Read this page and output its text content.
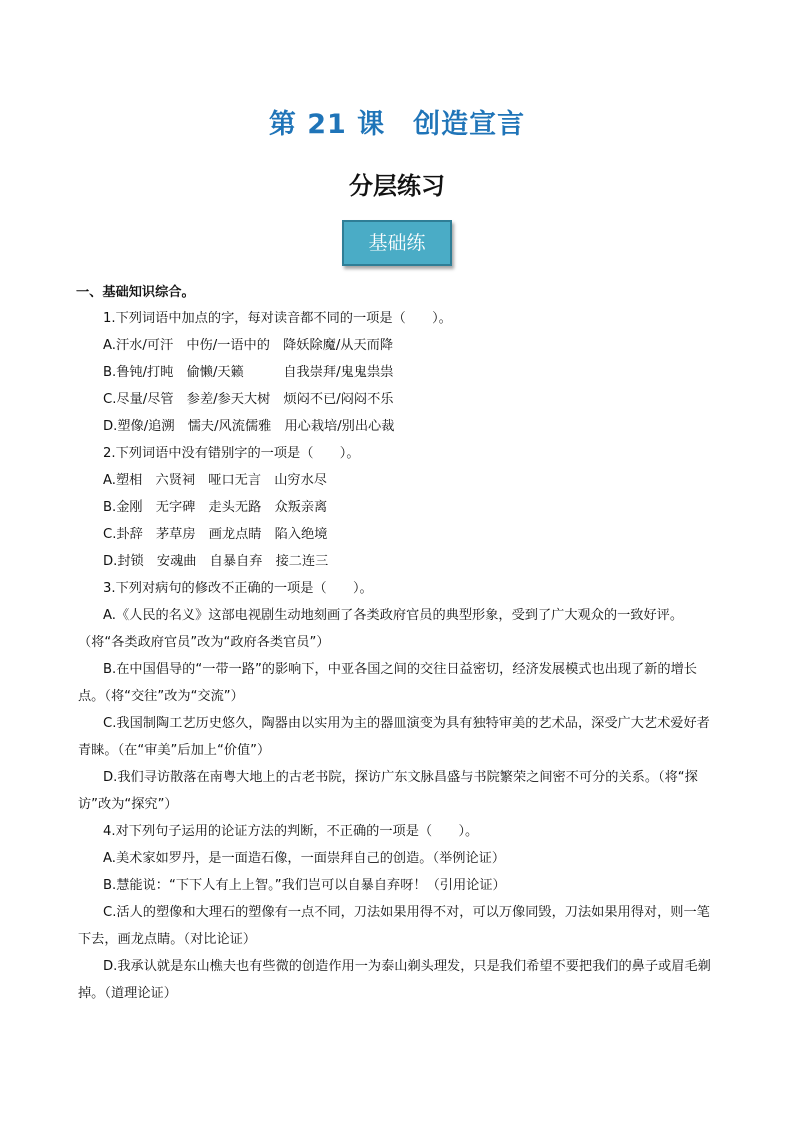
第 21 课　创造宣言
分层练习
基础练
一、基础知识综合。
1.下列词语中加点的字，每对读音都不同的一项是（　　）。
A.汗水/可汗　中伤/一语中的　降妖除魔/从天而降
B.鲁钝/打盹　偷懒/天籁　　　自我崇拜/鬼鬼祟祟
C.尽量/尽管　参差/参天大树　烦闷不已/闷闷不乐
D.塑像/追溯　懦夫/风流儒雅　用心栽培/别出心裁
2.下列词语中没有错别字的一项是（　　）。
A.塑相　六贤祠　哑口无言　山穷水尽
B.金刚　无字碑　走头无路　众叛亲离
C.卦辞　茅草房　画龙点睛　陷入绝境
D.封锁　安魂曲　自暴自弃　接二连三
3.下列对病句的修改不正确的一项是（　　）。
A.《人民的名义》这部电视剧生动地刻画了各类政府官员的典型形象，受到了广大观众的一致好评。（将“各类政府官员”改为“政府各类官员”）
B.在中国倡导的“一带一路”的影响下，中亚各国之间的交往日益密切，经济发展模式也出现了新的增长点。（将“交往”改为“交流”）
C.我国制陶工艺历史悠久，陶器由以实用为主的器皿演变为具有独特审美的艺术品，深受广大艺术爱好者青睐。（在“审美”后加上“价值”）
D.我们寻访散落在南粤大地上的古老书院，探访广东文脉昌盛与书院繁荣之间密不可分的关系。（将“探访”改为“探究”）
4.对下列句子运用的论证方法的判断，不正确的一项是（　　）。
A.美术家如罗丹，是一面造石像，一面崇拜自己的创造。（举例论证）
B.慧能说：“下下人有上上智。”我们岂可以自暴自弃呀！（引用论证）
C.活人的塑像和大理石的塑像有一点不同，刀法如果用得不对，可以万像同毁，刀法如果用得对，则一笔下去，画龙点睛。（对比论证）
D.我承认就是东山樵夫也有些微的创造作用一为泰山剃头理发，只是我们希望不要把我们的鼻子或眉毛剃掉。（道理论证）
